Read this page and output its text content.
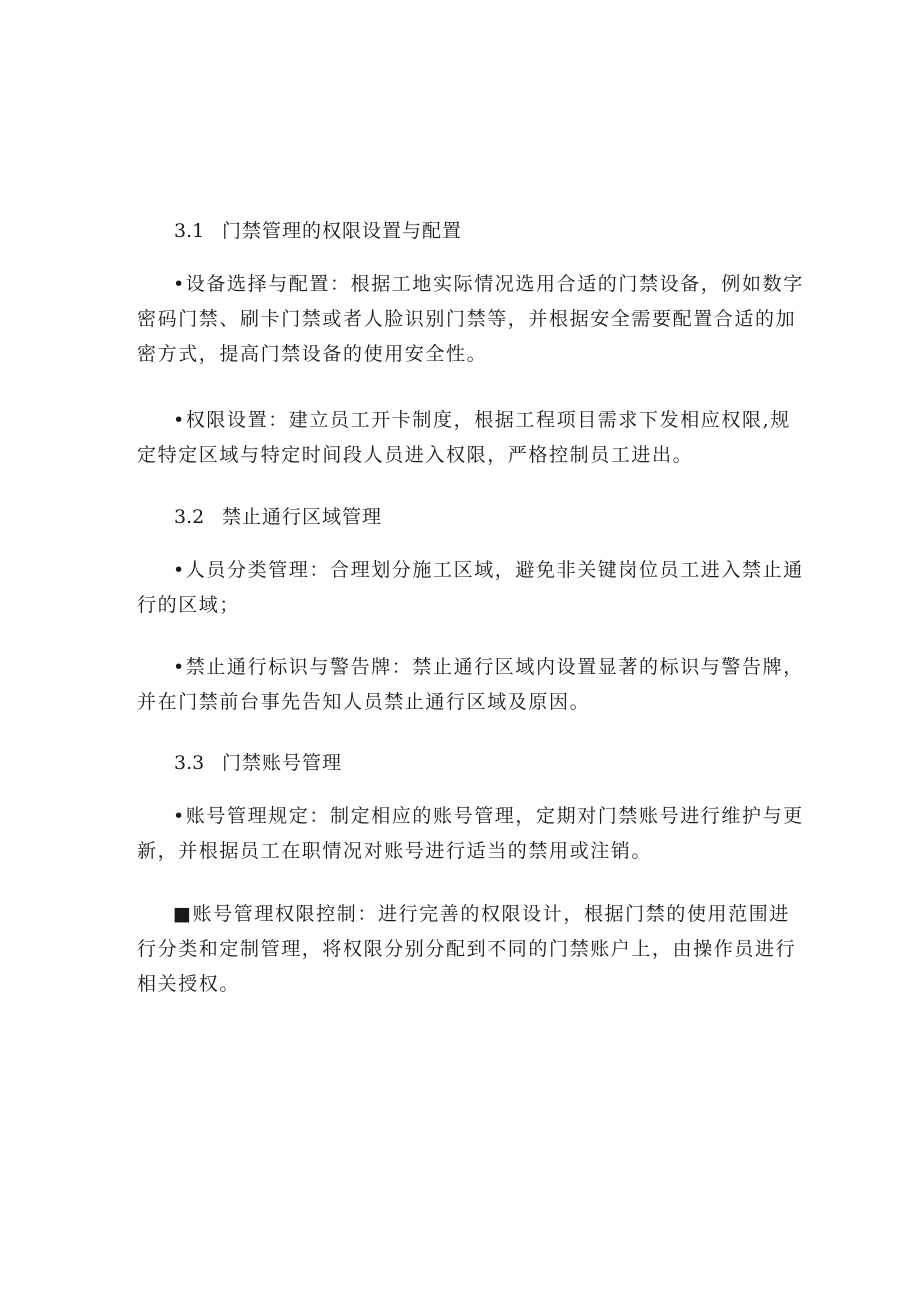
3.1 门禁管理的权限设置与配置
•设备选择与配置：根据工地实际情况选用合适的门禁设备，例如数字
密码门禁、刷卡门禁或者人脸识别门禁等，并根据安全需要配置合适的加
密方式，提高门禁设备的使用安全性。
•权限设置：建立员工开卡制度，根据工程项目需求下发相应权限,规
定特定区域与特定时间段人员进入权限，严格控制员工进出。
3.2 禁止通行区域管理
•人员分类管理：合理划分施工区域，避免非关键岗位员工进入禁止通
行的区域；
•禁止通行标识与警告牌：禁止通行区域内设置显著的标识与警告牌，
并在门禁前台事先告知人员禁止通行区域及原因。
3.3 门禁账号管理
•账号管理规定：制定相应的账号管理，定期对门禁账号进行维护与更
新，并根据员工在职情况对账号进行适当的禁用或注销。
■账号管理权限控制：进行完善的权限设计，根据门禁的使用范围进
行分类和定制管理，将权限分别分配到不同的门禁账户上，由操作员进行
相关授权。
